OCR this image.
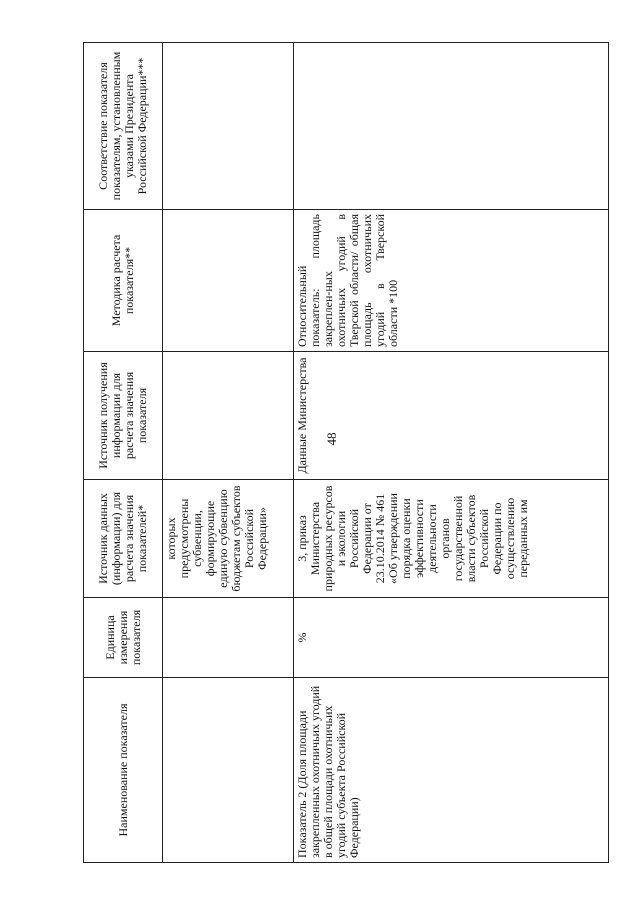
48
Наименование показателя	Единица измерения показателя	Источник данных (информации) для расчета значения показателей*	Источник получения информации для расчета значения показателя	Методика расчета показателя**	Соответствие показателя показателям, установленным указами Президента Российской Федерации***
		которых предусмотрены субвенции, формирующие единую субвенцию бюджетам субъектов Российской Федерации»			
Показатель 2 (Доля площади закрепленных охотничьих угодий в общей площади охотничьих угодий субъекта Российской Федерации)	%	3, приказ Министерства природных ресурсов и экологии Российской Федерации от 23.10.2014 № 461 «Об утверждении порядка оценки эффективности деятельности органов государственной власти субъектов Российской Федерации по осуществлению переданных им	Данные Министерства	Относительный показатель: площадь закреплен-ных охотничьих угодий в Тверской области/ общая площадь охотничьих угодий в Тверской области *100	
